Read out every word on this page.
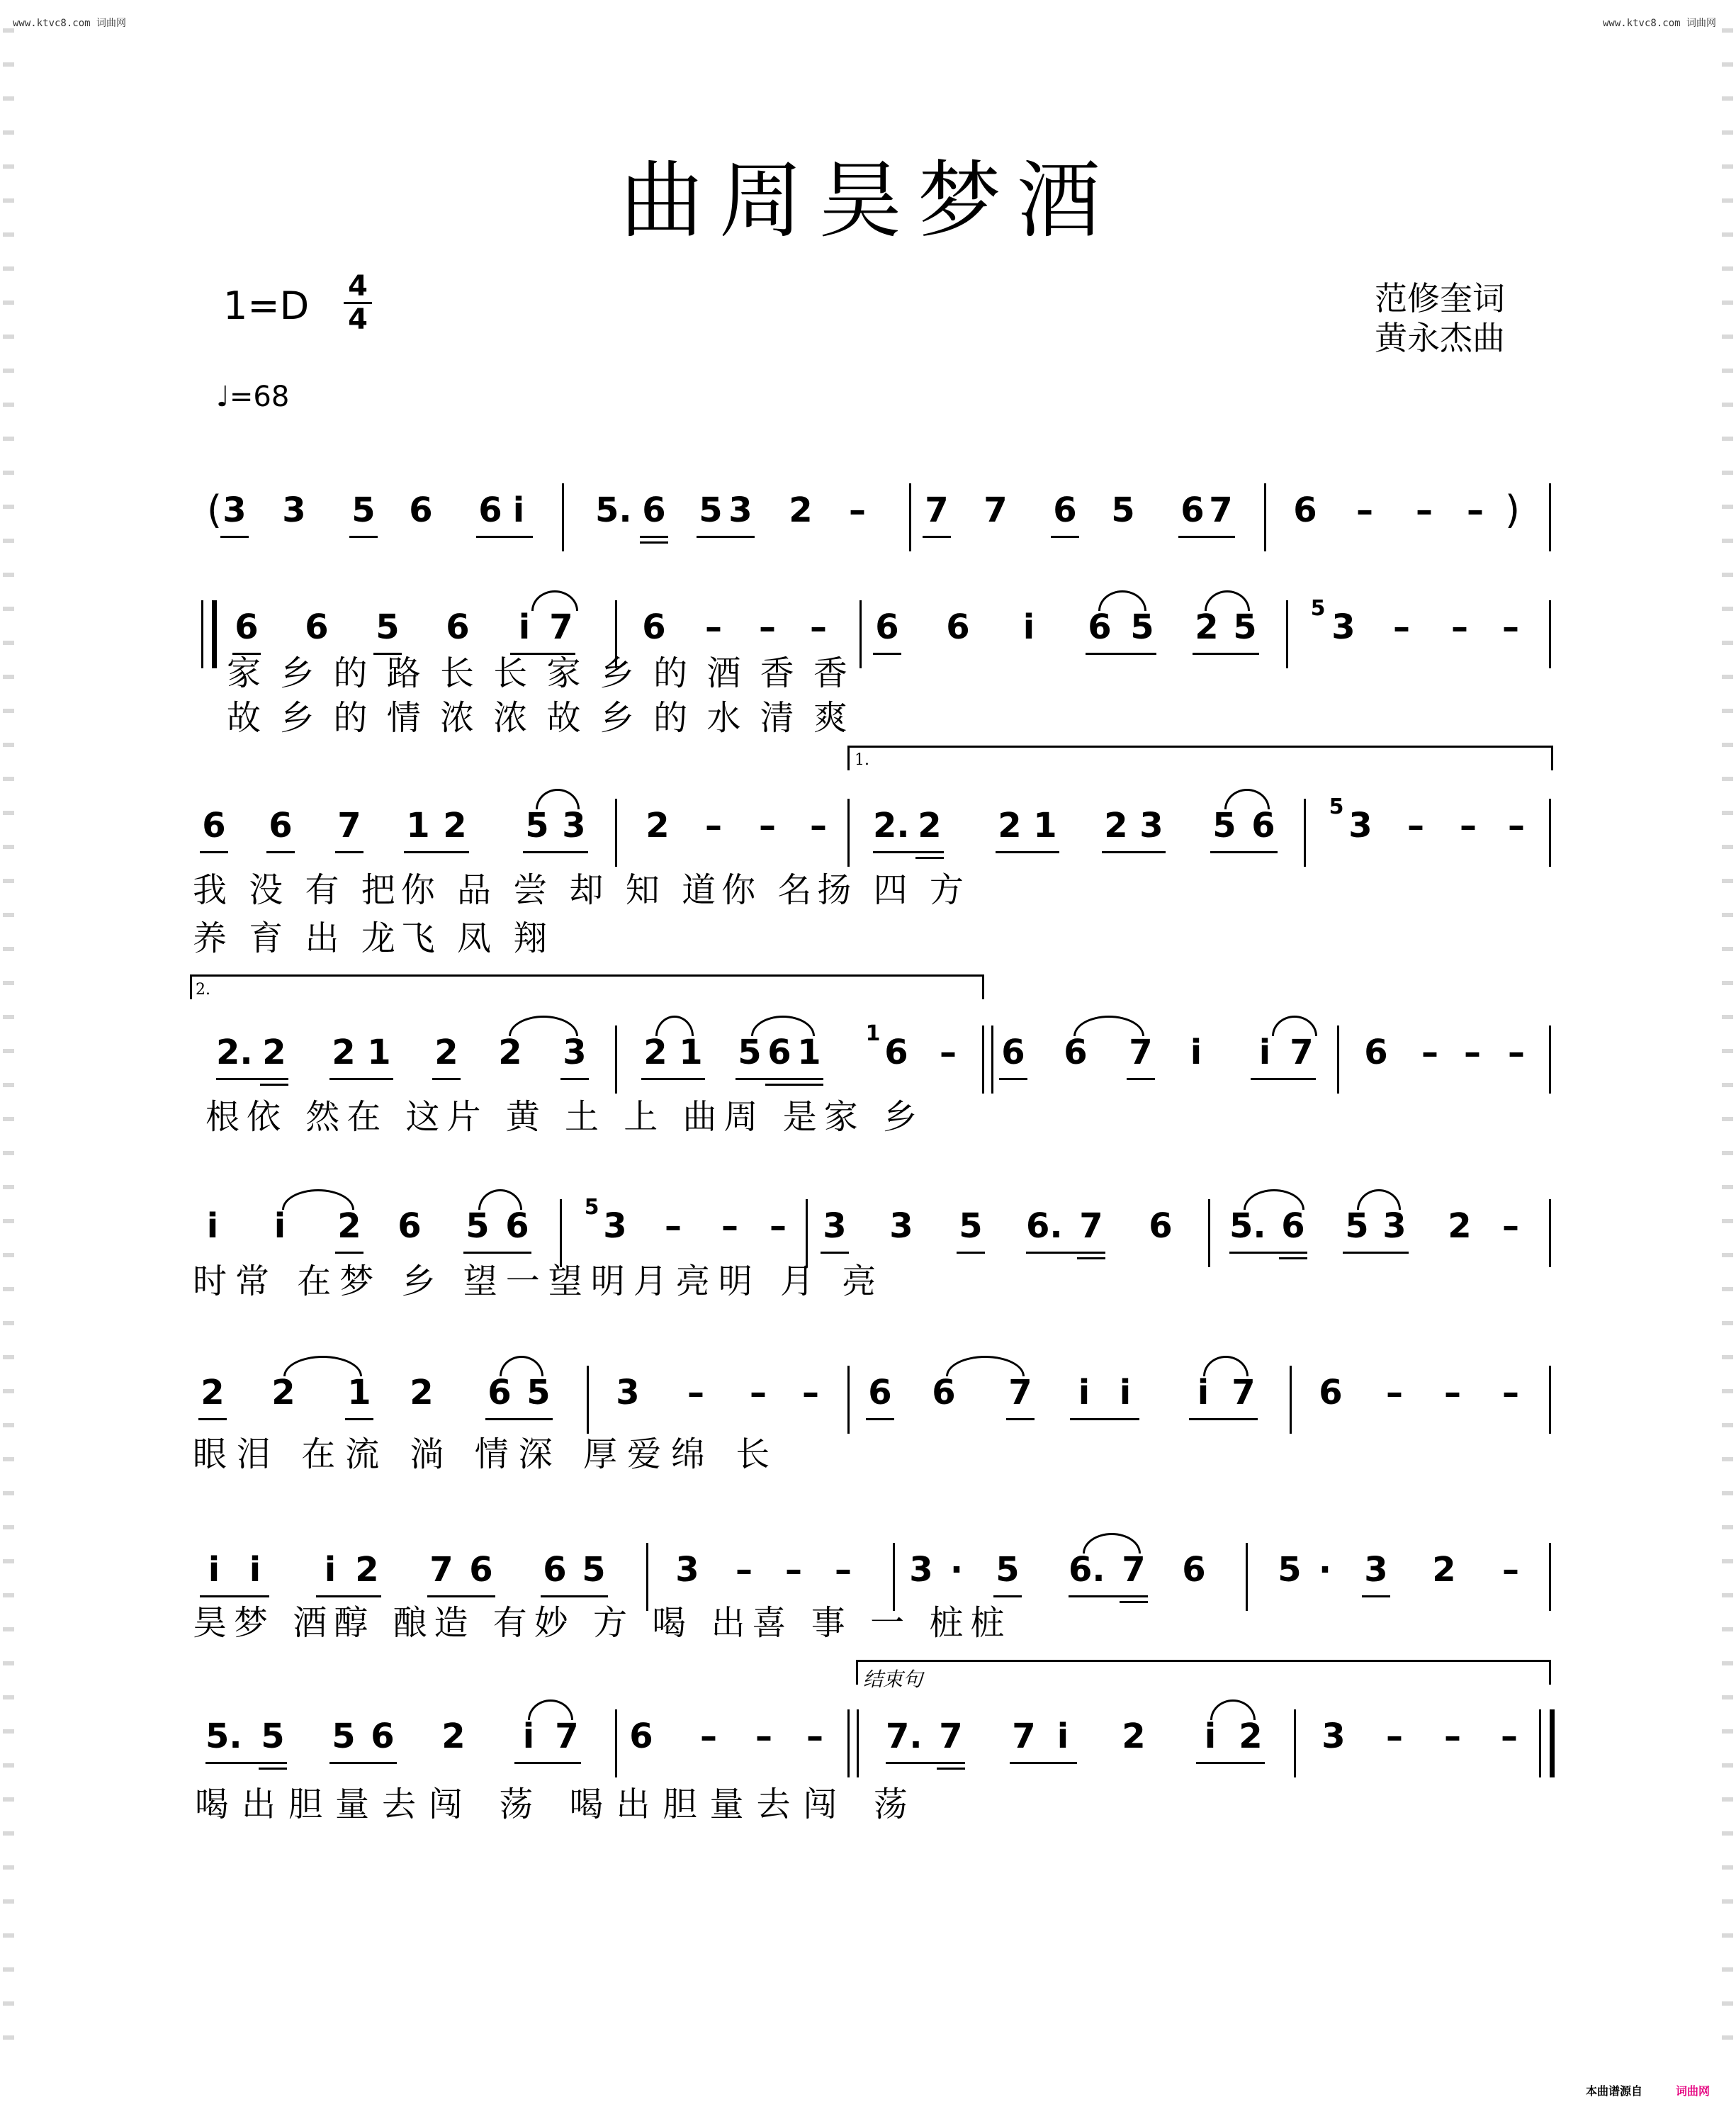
www.ktvc8.com 词曲网	www.ktvc8.com 词曲网
曲周昊梦酒
1=D 4
4
♩=68
范修奎词
黄永杰曲
( 3 3 5 6 6 i 5. 6 5 3 2 – 7 7 6 5 6 7 6 – – – )
6 6 5 6 i 7 6 – – – 6 6 i 6 5 2 5	5 3 – – –
家 乡 的 路 长 长 家 乡 的 酒 香 香
故 乡 的 情 浓 浓 故 乡 的 水 清 爽
1.
6 6 7 1 2 5 3 2 – – – 2. 2 2 1 2 3 5 6	5 3 – – –
我 没 有 把你 品 尝 却 知 道你 名扬 四 方
养 育 出 龙飞 凤 翔
2.
2. 2 2 1 2 2 3 2 1 5 6 1	1 6 – 6 6 7 i i 7 6 – – –
根依 然在 这片 黄 土 上 曲周 是家 乡
i i 2 6 5 6	5 3 – – – 3 3 5 6. 7 6 5. 6 5 3 2 –
时常 在梦 乡 望一望明月亮明 月 亮
2 2 1 2 6 5 3 – – – 6 6 7 i i i 7 6 – – –
眼泪 在流 淌 情深 厚爱绵 长
i i i 2 7 6 6 5 3 – – – 3 · 5 6. 7 6 5 · 3 2 –
昊梦 酒醇 酿造 有妙 方 喝 出喜 事 一 桩桩
结束句
5. 5 5 6 2 i 7 6 – – – 7. 7 7 i 2 i 2 3 – – –
喝出胆量去闯 荡 喝出胆量去闯 荡
本曲谱源自	词曲网
